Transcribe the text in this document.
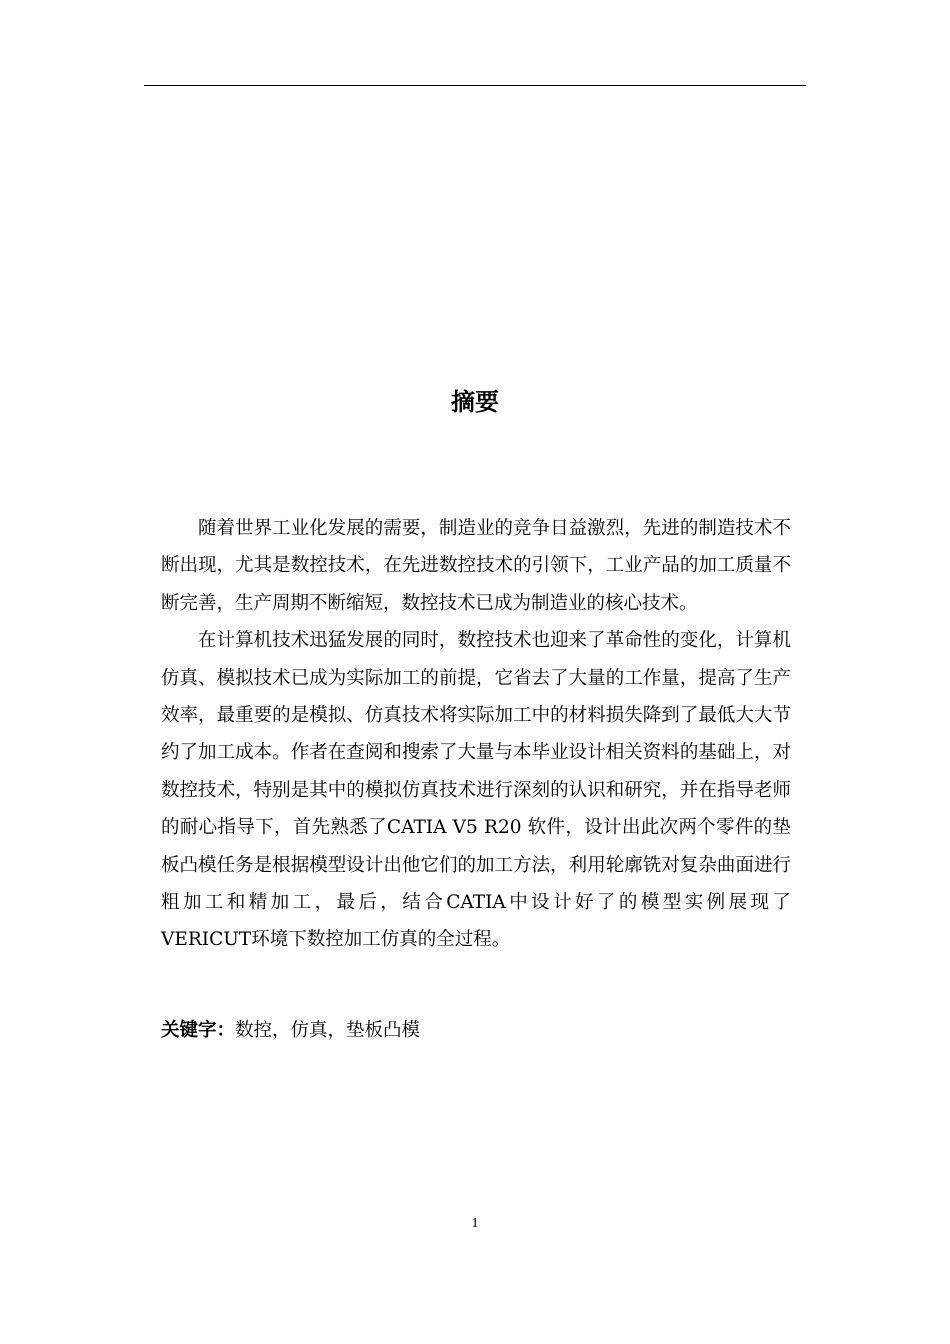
摘要

随着世界工业化发展的需要，制造业的竞争日益激烈，先进的制造技术不断出现，尤其是数控技术，在先进数控技术的引领下，工业产品的加工质量不断完善，生产周期不断缩短，数控技术已成为制造业的核心技术。

在计算机技术迅猛发展的同时，数控技术也迎来了革命性的变化，计算机仿真、模拟技术已成为实际加工的前提，它省去了大量的工作量，提高了生产效率，最重要的是模拟、仿真技术将实际加工中的材料损失降到了最低大大节约了加工成本。作者在查阅和搜索了大量与本毕业设计相关资料的基础上，对数控技术，特别是其中的模拟仿真技术进行深刻的认识和研究，并在指导老师的耐心指导下，首先熟悉了CATIA V5 R20 软件，设计出此次两个零件的垫板凸模任务是根据模型设计出他它们的加工方法，利用轮廓铣对复杂曲面进行粗加工和精加工，最后，结合CATIA中设计好了的模型实例展现了VERICUT环境下数控加工仿真的全过程。

关键字：数控，仿真，垫板凸模
1
